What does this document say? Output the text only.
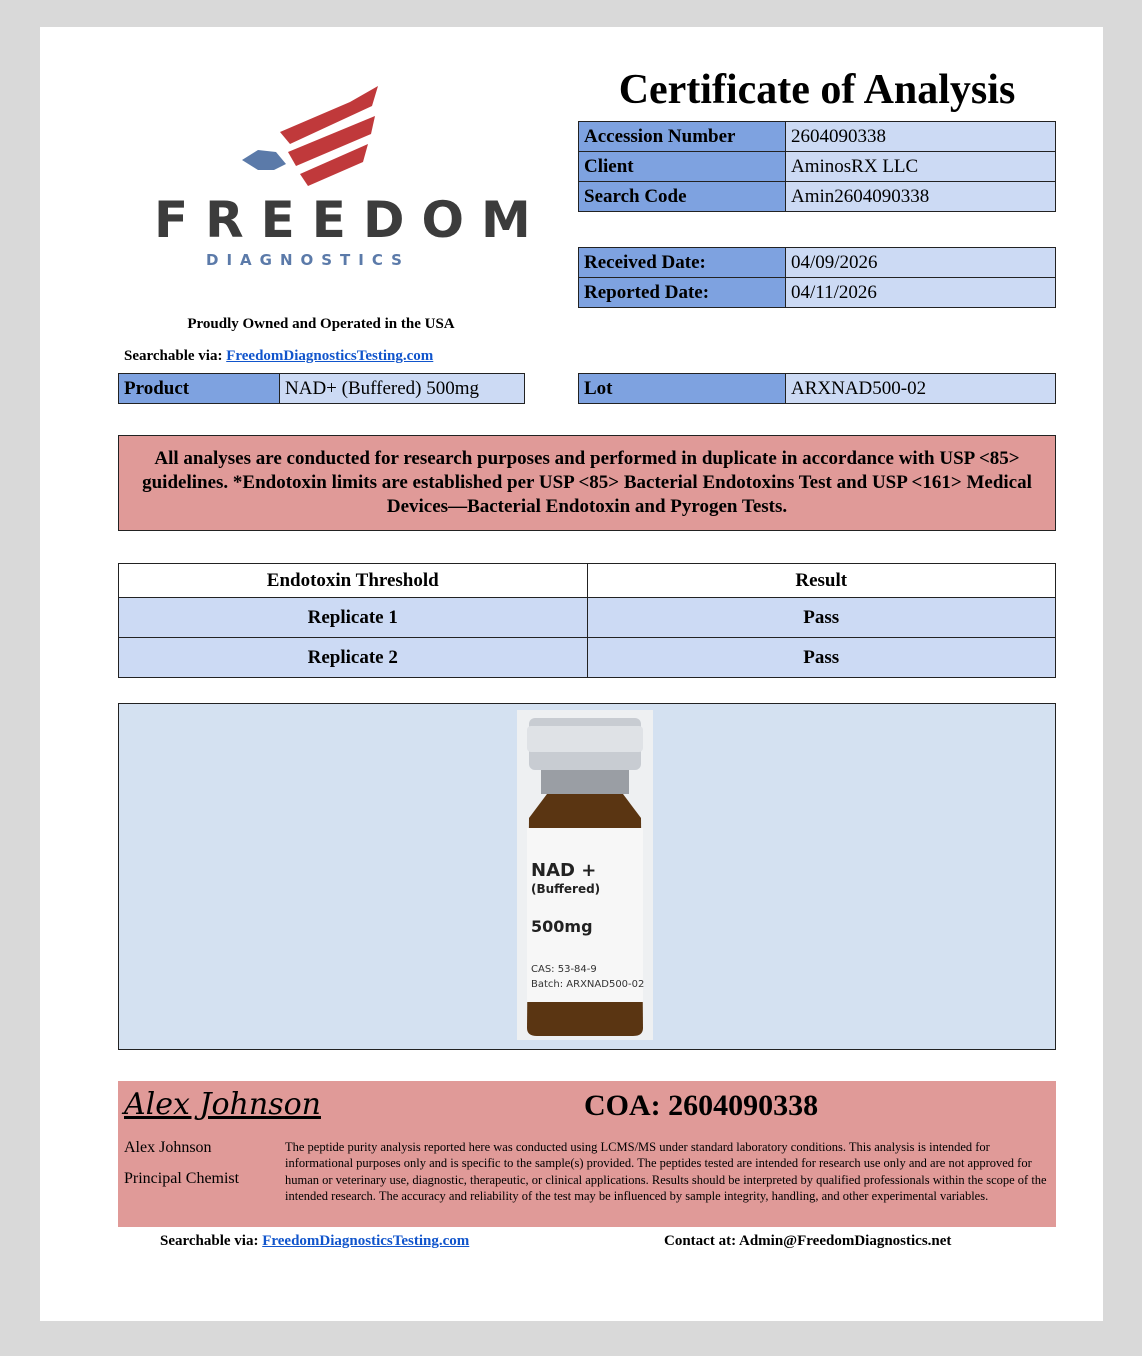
FREEDOM
DIAGNOSTICS
Certificate of Analysis
Accession Number	2604090338
Client	AminosRX LLC
Search Code	Amin2604090338
Received Date:	04/09/2026
Reported Date:	04/11/2026
Proudly Owned and Operated in the USA
Searchable via: FreedomDiagnosticsTesting.com
Product	NAD+ (Buffered) 500mg	Lot	ARXNAD500-02
All analyses are conducted for research purposes and performed in duplicate in accordance with USP <85> guidelines. *Endotoxin limits are established per USP <85> Bacterial Endotoxins Test and USP <161> Medical Devices—Bacterial Endotoxin and Pyrogen Tests.
Endotoxin Threshold	Result
Replicate 1	Pass
Replicate 2	Pass
NAD +
(Buffered)
500mg
CAS: 53-84-9
Batch: ARXNAD500-02
Alex Johnson	COA: 2604090338
Alex Johnson
Principal Chemist
The peptide purity analysis reported here was conducted using LCMS/MS under standard laboratory conditions. This analysis is intended for informational purposes only and is specific to the sample(s) provided. The peptides tested are intended for research use only and are not approved for human or veterinary use, diagnostic, therapeutic, or clinical applications. Results should be interpreted by qualified professionals within the scope of the intended research. The accuracy and reliability of the test may be influenced by sample integrity, handling, and other experimental variables.
Searchable via: FreedomDiagnosticsTesting.com	Contact at: Admin@FreedomDiagnostics.net
